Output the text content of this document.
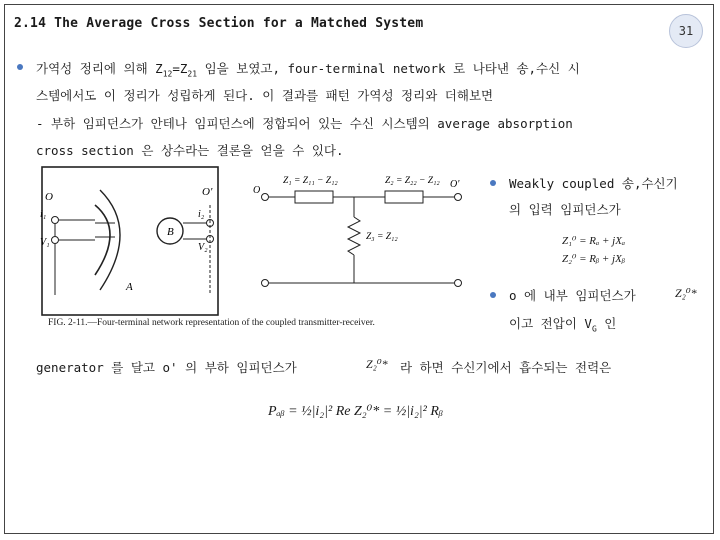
2.14 The Average Cross Section for a Matched System	31
가역성 정리에 의해 $Z_{12}=Z_{21}$ 임을 보였고, four-terminal network 로 나타낸 송,수신 시
스템에서도 이 정리가 성립하게 된다. 이 결과를 패턴 가역성 정리와 더해보면
- 부하 임피던스가 안테나 임피던스에 정합되어 있는 수신 시스템의 average absorption
cross section 은 상수라는 결론을 얻을 수 있다.
O
i₁
V₁
O'
i₂
V₂
B
A
Z₁ = Z₁₁ − Z₁₂	Z₂ = Z₂₂ − Z₁₂
Z₃ = Z₁₂
O
O'
FIG. 2-11.—Four-terminal network representation of the coupled transmitter-receiver.
Weakly coupled 송,수신기
의 입력 임피던스가
Z₁⁰ = Rₐ + jXₐ
Z₂⁰ = Rᵦ + jXᵦ
o 에 내부 임피던스가	Z₂⁰*
이고 전압이 $V_G$ 인
generator 를 달고 o' 의 부하 임피던스가	Z₂⁰* 라 하면 수신기에서 흡수되는 전력은
Pₐᵦ = ½|i₂|² Re Z₂⁰* = ½|i₂|² Rᵦ
